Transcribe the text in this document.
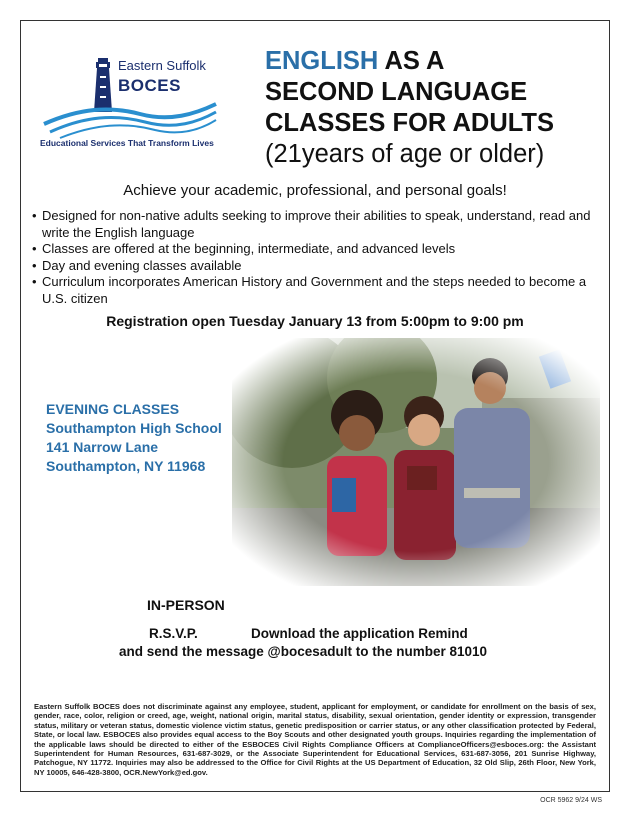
Eastern Suffolk
BOCES
Educational Services That Transform Lives
ENGLISH AS A
SECOND LANGUAGE
CLASSES FOR ADULTS
(21years of age or older)
Achieve your academic, professional, and personal goals!
• Designed for non-native adults seeking to improve their abilities to speak, understand, read and write the English language
• Classes are offered at the beginning, intermediate, and advanced levels
• Day and evening classes available
• Curriculum incorporates American History and Government and the steps needed to become a U.S. citizen
Registration open Tuesday January 13 from 5:00pm to 9:00 pm
EVENING CLASSES
Southampton High School
141 Narrow Lane
Southampton, NY 11968
IN-PERSON
R.S.V.P.	Download the application Remind
and send the message @bocesadult to the number 81010
Eastern Suffolk BOCES does not discriminate against any employee, student, applicant for employment, or candidate for enrollment on the basis of sex, gender, race, color, religion or creed, age, weight, national origin, marital status, disability, sexual orientation, gender identity or expression, transgender status, military or veteran status, domestic violence victim status, genetic predisposition or carrier status, or any other classification protected by Federal, State, or local law. ESBOCES also provides equal access to the Boy Scouts and other designated youth groups. Inquiries regarding the implementation of the applicable laws should be directed to either of the ESBOCES Civil Rights Compliance Officers at ComplianceOfficers@esboces.org: the Assistant Superintendent for Human Resources, 631-687-3029, or the Associate Superintendent for Educational Services, 631-687-3056, 201 Sunrise Highway, Patchogue, NY 11772. Inquiries may also be addressed to the Office for Civil Rights at the US Department of Education, 32 Old Slip, 26th Floor, New York, NY 10005, 646-428-3800, OCR.NewYork@ed.gov.
OCR 5962 9/24 WS
